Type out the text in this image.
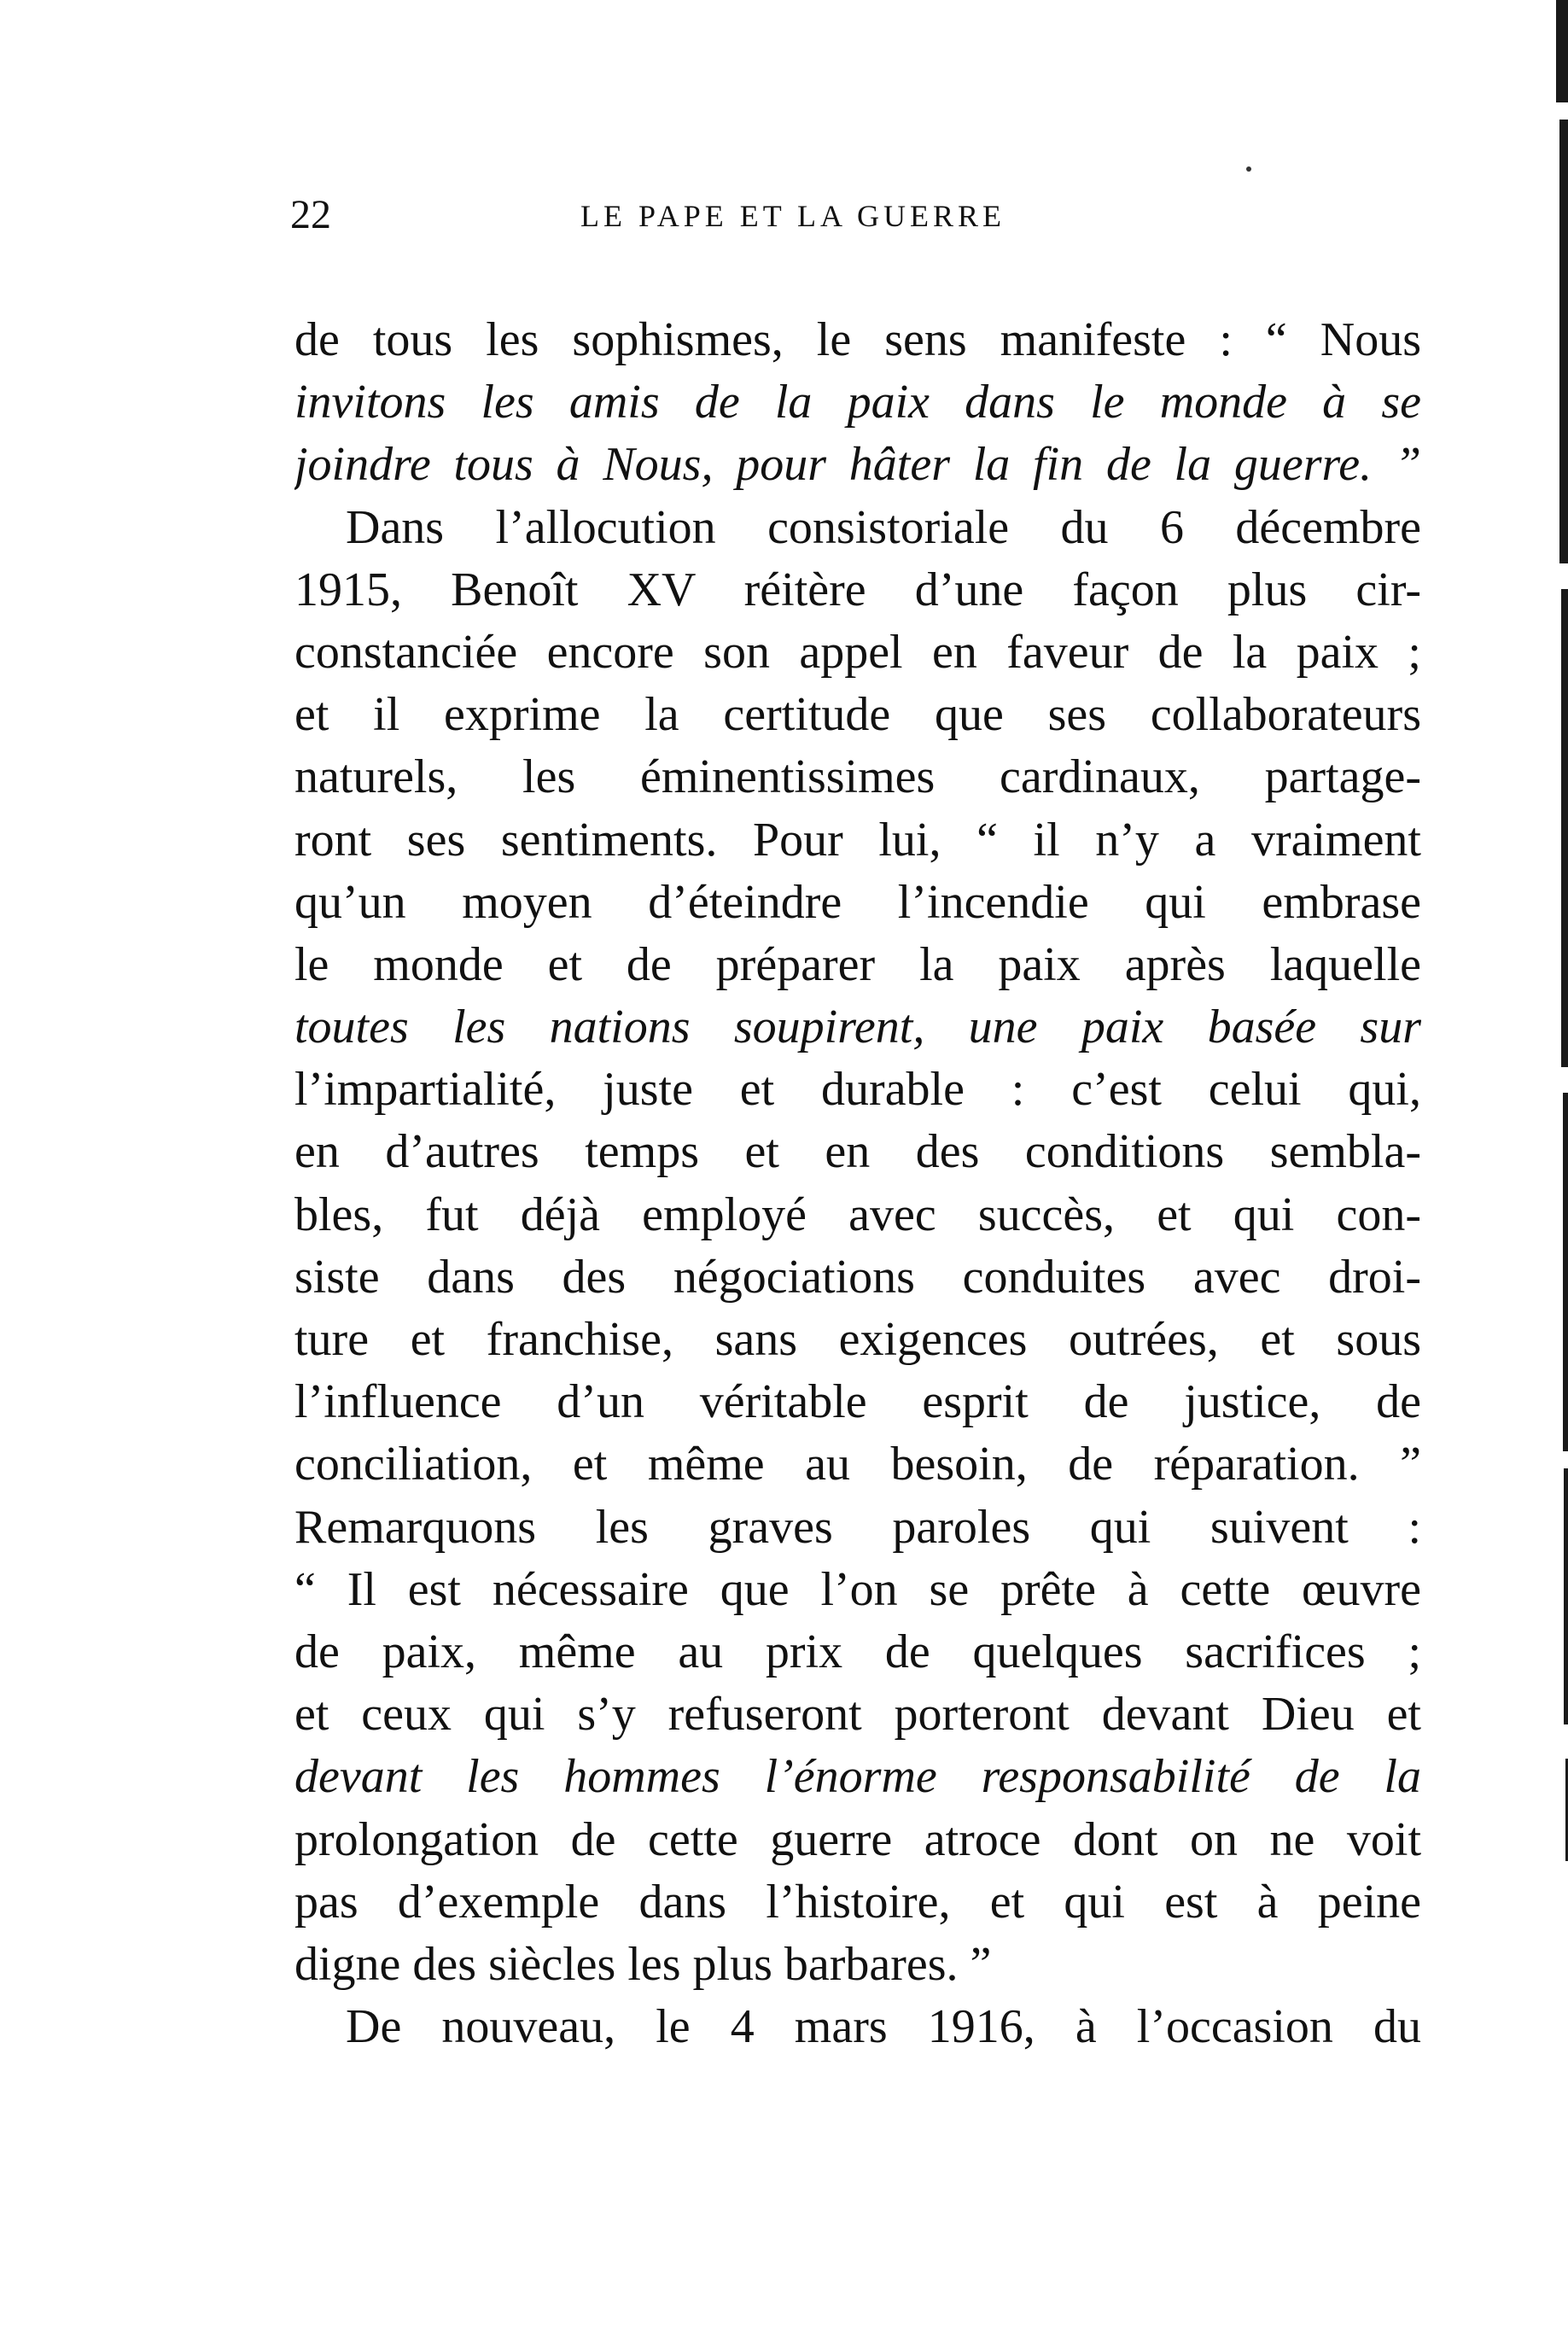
22	LE PAPE ET LA GUERRE
de tous les sophismes, le sens manifeste : “ Nous
invitons les amis de la paix dans le monde à se
joindre tous à Nous, pour hâter la fin de la guerre. ”
Dans l’allocution consistoriale du 6 décembre
1915, Benoît XV réitère d’une façon plus cir-
constanciée encore son appel en faveur de la paix ;
et il exprime la certitude que ses collaborateurs
naturels, les éminentissimes cardinaux, partage-
ront ses sentiments. Pour lui, “ il n’y a vraiment
qu’un moyen d’éteindre l’incendie qui embrase
le monde et de préparer la paix après laquelle
toutes les nations soupirent, une paix basée sur
l’impartialité, juste et durable : c’est celui qui,
en d’autres temps et en des conditions sembla-
bles, fut déjà employé avec succès, et qui con-
siste dans des négociations conduites avec droi-
ture et franchise, sans exigences outrées, et sous
l’influence d’un véritable esprit de justice, de
conciliation, et même au besoin, de réparation. ”
Remarquons les graves paroles qui suivent :
“ Il est nécessaire que l’on se prête à cette œuvre
de paix, même au prix de quelques sacrifices ;
et ceux qui s’y refuseront porteront devant Dieu et
devant les hommes l’énorme responsabilité de la
prolongation de cette guerre atroce dont on ne voit
pas d’exemple dans l’histoire, et qui est à peine
digne des siècles les plus barbares. ”
De nouveau, le 4 mars 1916, à l’occasion du
